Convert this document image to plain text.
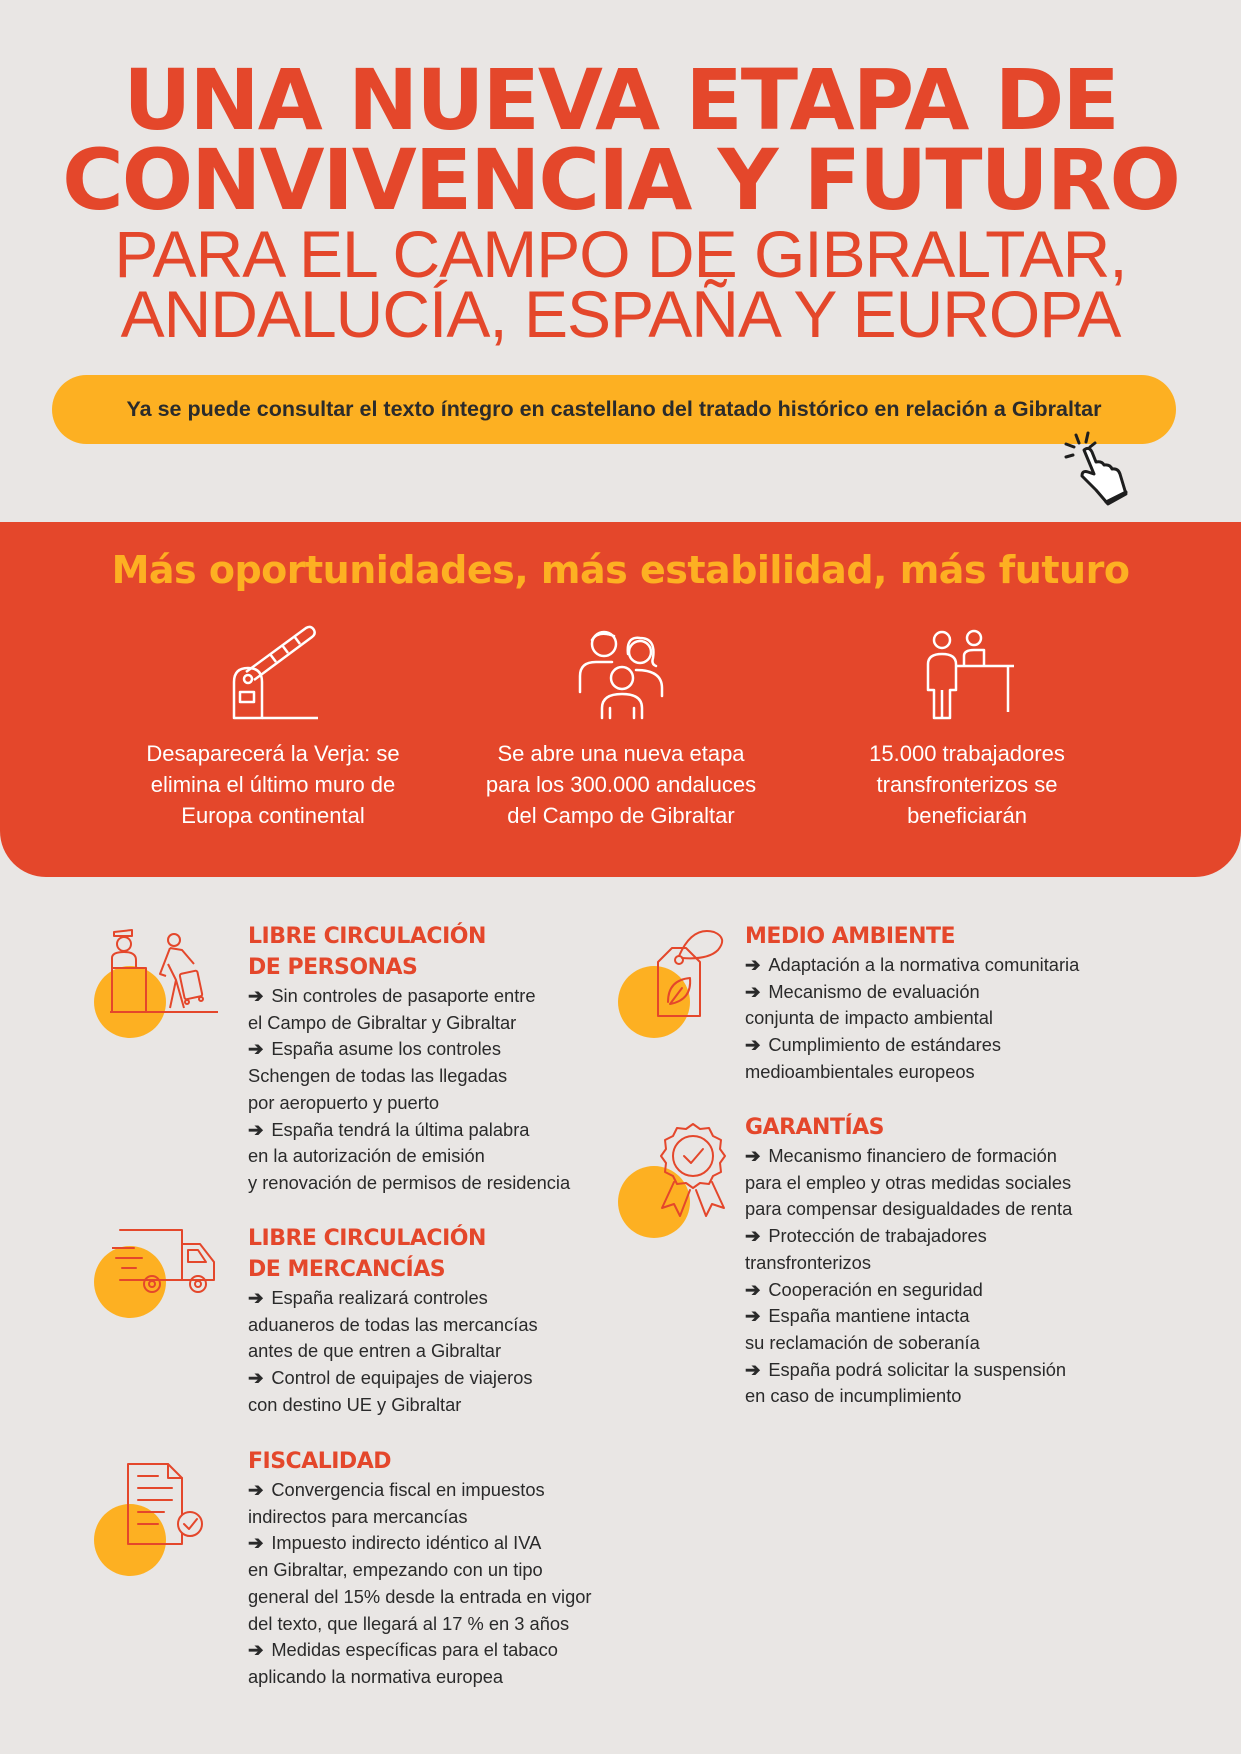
UNA NUEVA ETAPA DE

CONVIVENCIA Y FUTURO

PARA EL CAMPO DE GIBRALTAR,

ANDALUCÍA, ESPAÑA Y EUROPA

Ya se puede consultar el texto íntegro en castellano del tratado histórico en relación a Gibraltar
Más oportunidades, más estabilidad, más futuro

Desaparecerá la Verja: se
elimina el último muro de
Europa continental

Se abre una nueva etapa
para los 300.000 andaluces
del Campo de Gibraltar

15.000 trabajadores
transfronterizos se
beneficiarán

LIBRE CIRCULACIÓN
DE PERSONAS
➔ Sin controles de pasaporte entre
el Campo de Gibraltar y Gibraltar
➔ España asume los controles
Schengen de todas las llegadas
por aeropuerto y puerto
➔ España tendrá la última palabra
en la autorización de emisión
y renovación de permisos de residencia
LIBRE CIRCULACIÓN
DE MERCANCÍAS
➔ España realizará controles
aduaneros de todas las mercancías
antes de que entren a Gibraltar
➔ Control de equipajes de viajeros
con destino UE y Gibraltar
FISCALIDAD
➔ Convergencia fiscal en impuestos
indirectos para mercancías
➔ Impuesto indirecto idéntico al IVA
en Gibraltar, empezando con un tipo
general del 15% desde la entrada en vigor
del texto, que llegará al 17 % en 3 años
➔ Medidas específicas para el tabaco
aplicando la normativa europea
MEDIO AMBIENTE
➔ Adaptación a la normativa comunitaria
➔ Mecanismo de evaluación
conjunta de impacto ambiental
➔ Cumplimiento de estándares
medioambientales europeos
GARANTÍAS
➔ Mecanismo financiero de formación
para el empleo y otras medidas sociales
para compensar desigualdades de renta
➔ Protección de trabajadores
transfronterizos
➔ Cooperación en seguridad
➔ España mantiene intacta
su reclamación de soberanía
➔ España podrá solicitar la suspensión
en caso de incumplimiento
